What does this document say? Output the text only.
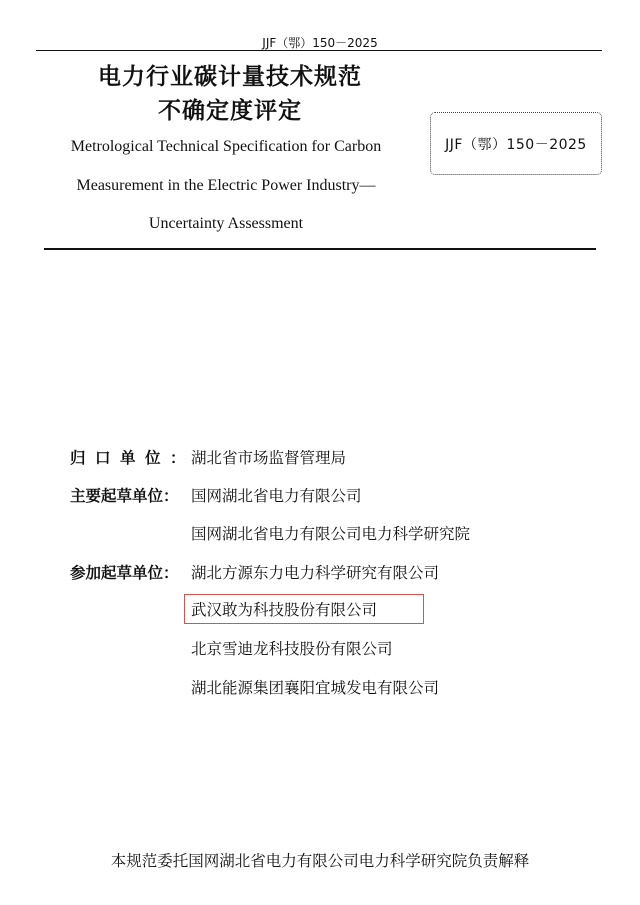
JJF（鄂）150－2025
电力行业碳计量技术规范
不确定度评定
Metrological Technical Specification for Carbon
Measurement in the Electric Power Industry—
Uncertainty Assessment
JJF（鄂）150－2025
归口单位：
湖北省市场监督管理局
主要起草单位： 国网湖北省电力有限公司
国网湖北省电力有限公司电力科学研究院
参加起草单位： 湖北方源东力电力科学研究有限公司
武汉敢为科技股份有限公司
北京雪迪龙科技股份有限公司
湖北能源集团襄阳宜城发电有限公司
本规范委托国网湖北省电力有限公司电力科学研究院负责解释
